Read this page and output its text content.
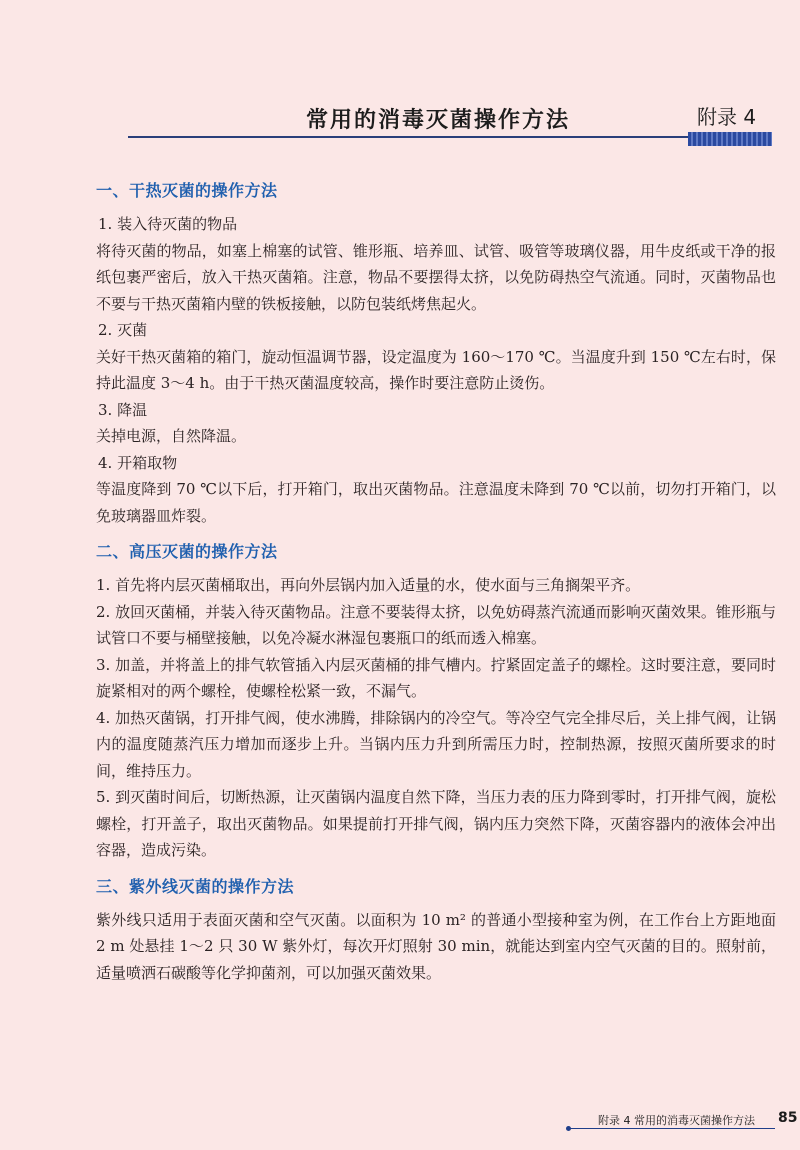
常用的消毒灭菌操作方法	附录 4
一、干热灭菌的操作方法
1. 装入待灭菌的物品

将待灭菌的物品，如塞上棉塞的试管、锥形瓶、培养皿、试管、吸管等玻璃仪器，用牛皮纸或干净的报纸包裹严密后，放入干热灭菌箱。注意，物品不要摆得太挤，以免防碍热空气流通。同时，灭菌物品也不要与干热灭菌箱内壁的铁板接触，以防包装纸烤焦起火。

2. 灭菌

关好干热灭菌箱的箱门，旋动恒温调节器，设定温度为 160～170 ℃。当温度升到 150 ℃左右时，保持此温度 3～4 h。由于干热灭菌温度较高，操作时要注意防止烫伤。

3. 降温

关掉电源，自然降温。

4. 开箱取物

等温度降到 70 ℃以下后，打开箱门，取出灭菌物品。注意温度未降到 70 ℃以前，切勿打开箱门，以免玻璃器皿炸裂。

二、高压灭菌的操作方法

1. 首先将内层灭菌桶取出，再向外层锅内加入适量的水，使水面与三角搁架平齐。

2. 放回灭菌桶，并装入待灭菌物品。注意不要装得太挤，以免妨碍蒸汽流通而影响灭菌效果。锥形瓶与试管口不要与桶壁接触，以免冷凝水淋湿包裹瓶口的纸而透入棉塞。

3. 加盖，并将盖上的排气软管插入内层灭菌桶的排气槽内。拧紧固定盖子的螺栓。这时要注意，要同时旋紧相对的两个螺栓，使螺栓松紧一致，不漏气。

4. 加热灭菌锅，打开排气阀，使水沸腾，排除锅内的冷空气。等冷空气完全排尽后，关上排气阀，让锅内的温度随蒸汽压力增加而逐步上升。当锅内压力升到所需压力时，控制热源，按照灭菌所要求的时间，维持压力。

5. 到灭菌时间后，切断热源，让灭菌锅内温度自然下降，当压力表的压力降到零时，打开排气阀，旋松螺栓，打开盖子，取出灭菌物品。如果提前打开排气阀，锅内压力突然下降，灭菌容器内的液体会冲出容器，造成污染。

三、紫外线灭菌的操作方法

紫外线只适用于表面灭菌和空气灭菌。以面积为 10 m² 的普通小型接种室为例，在工作台上方距地面 2 m 处悬挂 1～2 只 30 W 紫外灯，每次开灯照射 30 min，就能达到室内空气灭菌的目的。照射前，适量喷洒石碳酸等化学抑菌剂，可以加强灭菌效果。

附录 4 常用的消毒灭菌操作方法 85
